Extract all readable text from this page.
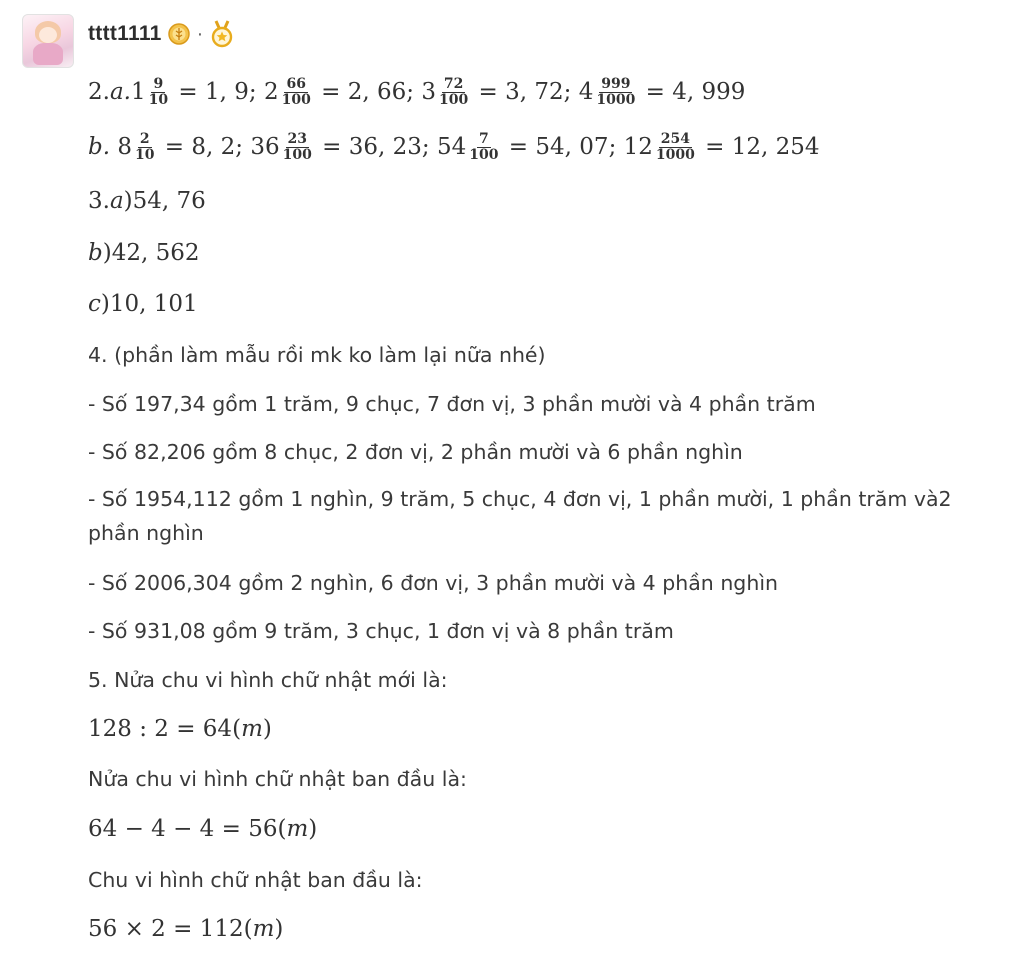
tttt1111 ·
2. a. $1 \frac{9}{10} = 1$, 9 ; $2 \frac{66}{100} = 2$, 66 ; $3 \frac{72}{100} = 3$, 72 ; $4 \frac{999}{1000} = 4$, 999
b.
$8 \frac{2}{10} = 8$, 2 ; $36 \frac{23}{100} = 36$, 23 ; $54 \frac{7}{100} = 54$, 07 ; $12 \frac{254}{1000} = 12$, 254
3. a )54, 76
b )42, 562
c )10, 101
4. (phần làm mẫu rồi mk ko làm lại nữa nhé)
- Số 197,34 gồm 1 trăm, 9 chục, 7 đơn vị, 3 phần mười và 4 phần trăm
- Số 82,206 gồm 8 chục, 2 đơn vị, 2 phần mười và 6 phần nghìn
- Số 1954,112 gồm 1 nghìn, 9 trăm, 5 chục, 4 đơn vị, 1 phần mười, 1 phần trăm và2 phần nghìn
- Số 2006,304 gồm 2 nghìn, 6 đơn vị, 3 phần mười và 4 phần nghìn
- Số 931,08 gồm 9 trăm, 3 chục, 1 đơn vị và 8 phần trăm
5. Nửa chu vi hình chữ nhật mới là:
128 : 2 = 64 ( m )
Nửa chu vi hình chữ nhật ban đầu là:
64 − 4 − 4 = 56 ( m )
Chu vi hình chữ nhật ban đầu là:
56 × 2 = 112 ( m )
